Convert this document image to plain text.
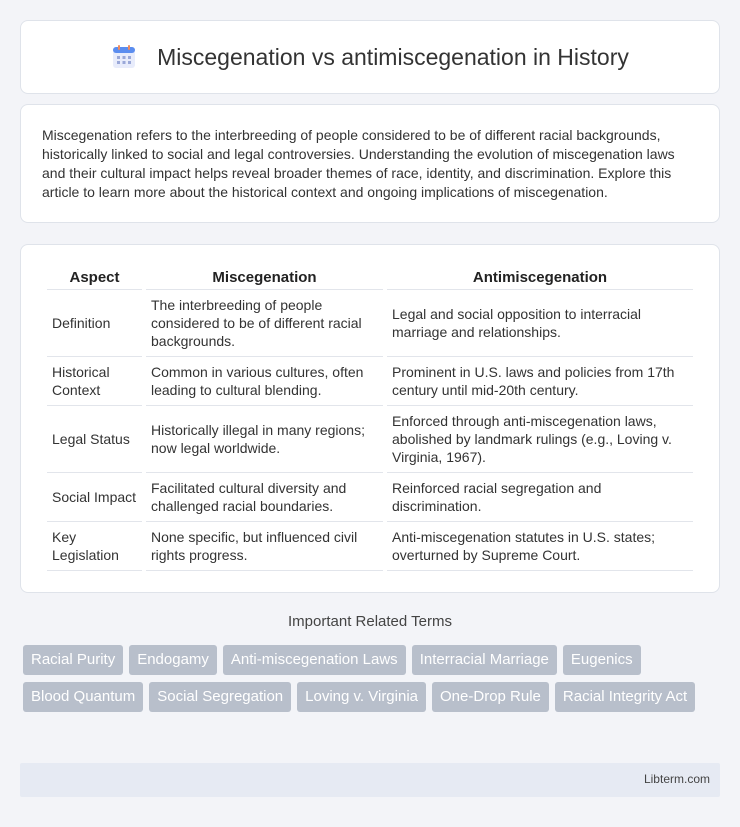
Miscegenation vs antimiscegenation in History

Miscegenation refers to the interbreeding of people considered to be of different racial backgrounds, historically linked to social and legal controversies. Understanding the evolution of miscegenation laws and their cultural impact helps reveal broader themes of race, identity, and discrimination. Explore this article to learn more about the historical context and ongoing implications of miscegenation.

Aspect	Miscegenation	Antimiscegenation
Definition	The interbreeding of people considered to be of different racial backgrounds.	Legal and social opposition to interracial marriage and relationships.
Historical Context	Common in various cultures, often leading to cultural blending.	Prominent in U.S. laws and policies from 17th century until mid-20th century.
Legal Status	Historically illegal in many regions; now legal worldwide.	Enforced through anti-miscegenation laws, abolished by landmark rulings (e.g., Loving v. Virginia, 1967).
Social Impact	Facilitated cultural diversity and challenged racial boundaries.	Reinforced racial segregation and discrimination.
Key Legislation	None specific, but influenced civil rights progress.	Anti-miscegenation statutes in U.S. states; overturned by Supreme Court.
Important Related Terms
Racial Purity	Endogamy	Anti-miscegenation Laws	Interracial Marriage	Eugenics
Blood Quantum	Social Segregation	Loving v. Virginia	One-Drop Rule	Racial Integrity Act
Libterm.com
